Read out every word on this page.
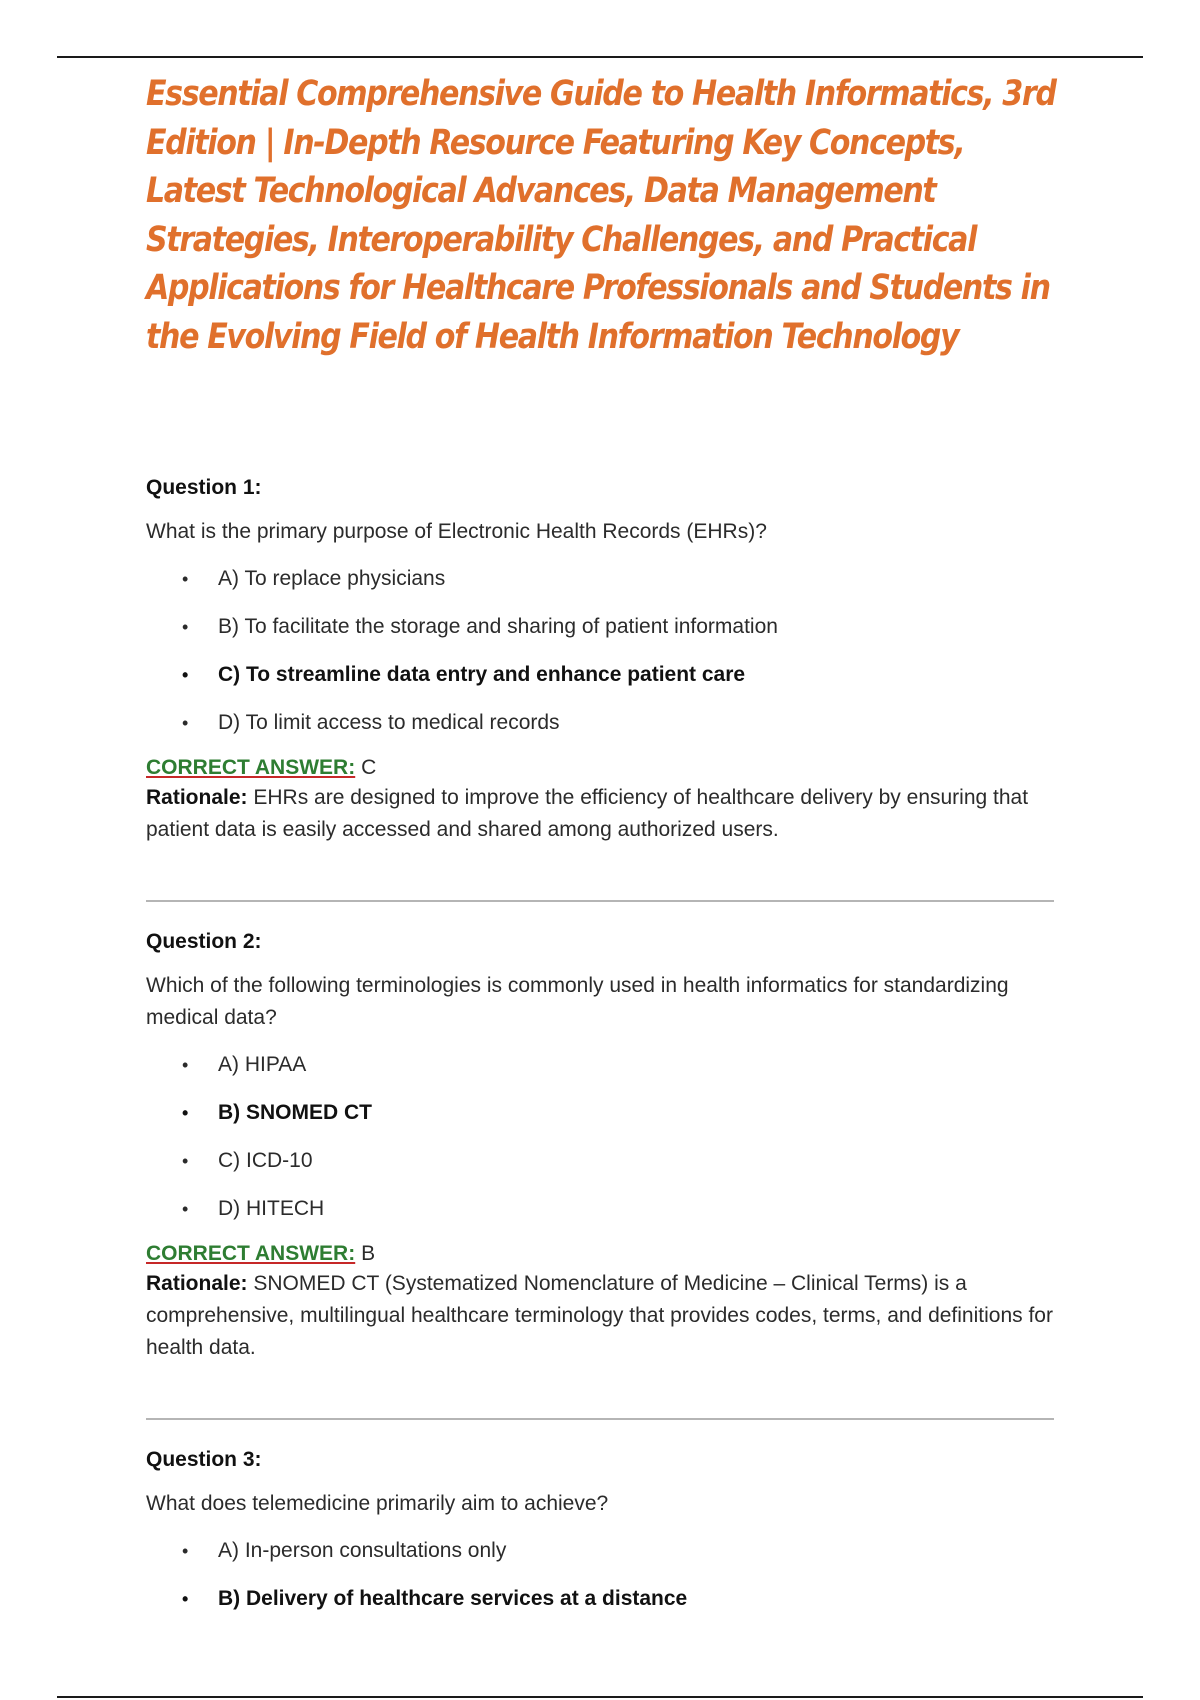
Essential Comprehensive Guide to Health Informatics, 3rd Edition | In-Depth Resource Featuring Key Concepts, Latest Technological Advances, Data Management Strategies, Interoperability Challenges, and Practical Applications for Healthcare Professionals and Students in the Evolving Field of Health Information Technology

Question 1:

What is the primary purpose of Electronic Health Records (EHRs)?

• A) To replace physicians
• B) To facilitate the storage and sharing of patient information
• C) To streamline data entry and enhance patient care
• D) To limit access to medical records

CORRECT ANSWER: C

Rationale: EHRs are designed to improve the efficiency of healthcare delivery by ensuring that patient data is easily accessed and shared among authorized users.

Question 2:

Which of the following terminologies is commonly used in health informatics for standardizing medical data?

• A) HIPAA
• B) SNOMED CT
• C) ICD-10
• D) HITECH

CORRECT ANSWER: B

Rationale: SNOMED CT (Systematized Nomenclature of Medicine – Clinical Terms) is a comprehensive, multilingual healthcare terminology that provides codes, terms, and definitions for health data.

Question 3:

What does telemedicine primarily aim to achieve?

• A) In-person consultations only
• B) Delivery of healthcare services at a distance
